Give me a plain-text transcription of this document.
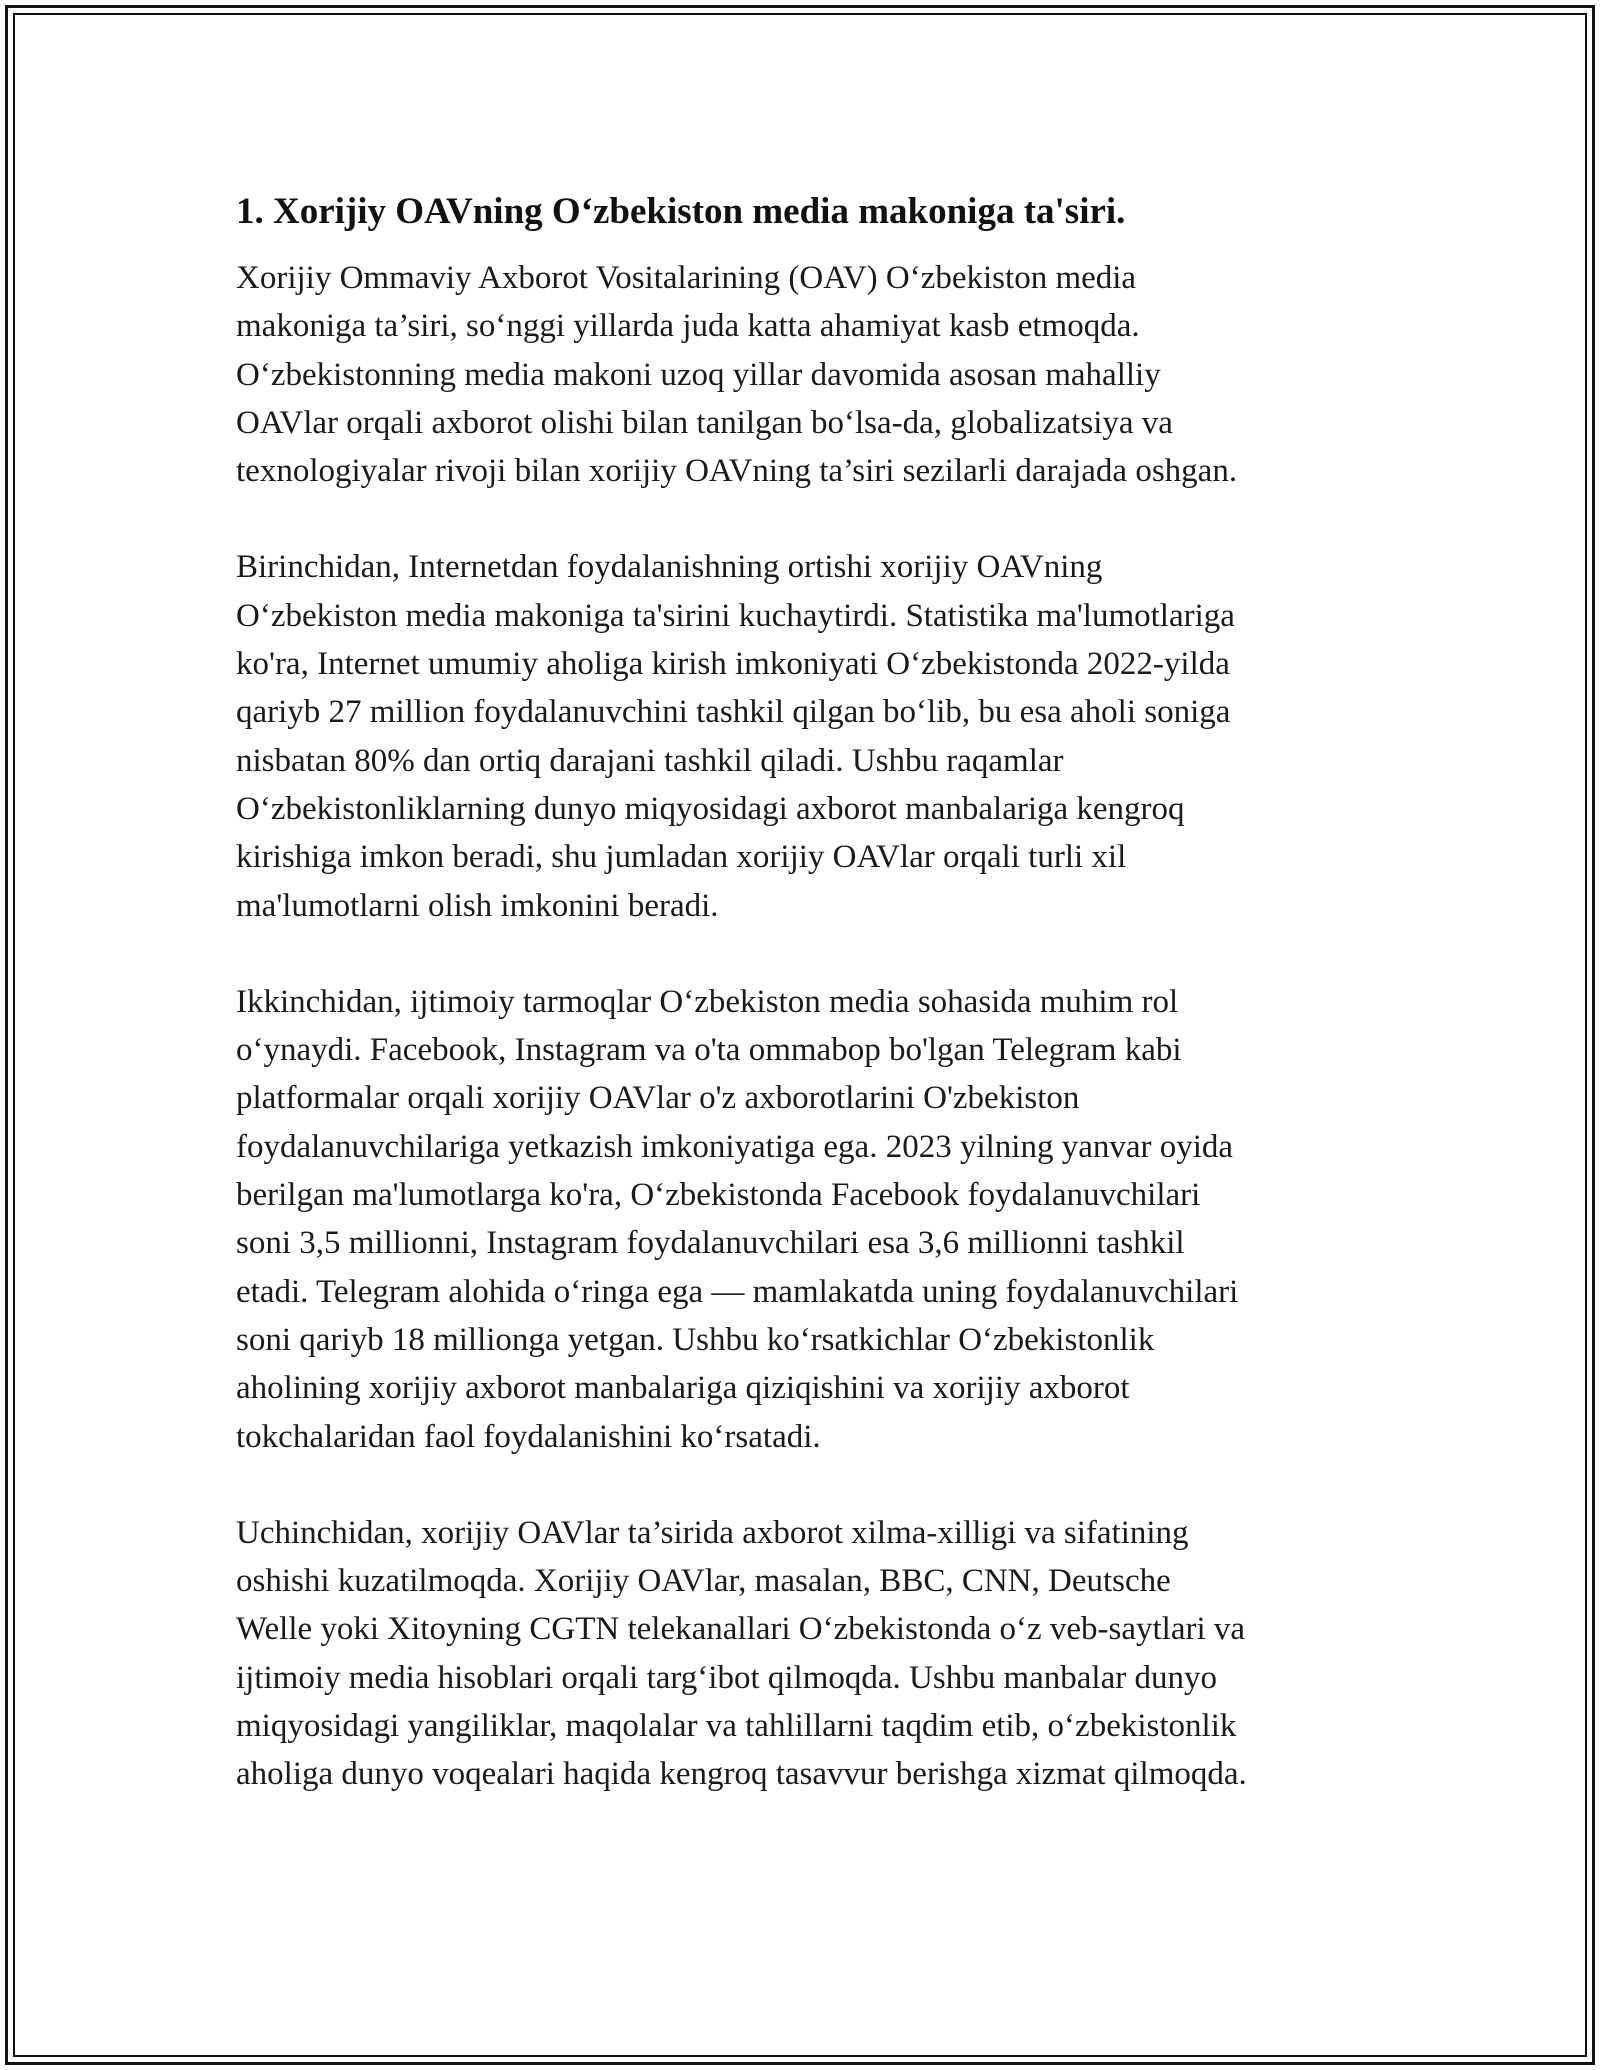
1. Xorijiy OAVning O‘zbekiston media makoniga ta'siri.

Xorijiy Ommaviy Axborot Vositalarining (OAV) O‘zbekiston media
makoniga ta’siri, so‘nggi yillarda juda katta ahamiyat kasb etmoqda.
O‘zbekistonning media makoni uzoq yillar davomida asosan mahalliy
OAVlar orqali axborot olishi bilan tanilgan bo‘lsa-da, globalizatsiya va
texnologiyalar rivoji bilan xorijiy OAVning ta’siri sezilarli darajada oshgan.

Birinchidan, Internetdan foydalanishning ortishi xorijiy OAVning
O‘zbekiston media makoniga ta'sirini kuchaytirdi. Statistika ma'lumotlariga
ko'ra, Internet umumiy aholiga kirish imkoniyati O‘zbekistonda 2022-yilda
qariyb 27 million foydalanuvchini tashkil qilgan bo‘lib, bu esa aholi soniga
nisbatan 80% dan ortiq darajani tashkil qiladi. Ushbu raqamlar
O‘zbekistonliklarning dunyo miqyosidagi axborot manbalariga kengroq
kirishiga imkon beradi, shu jumladan xorijiy OAVlar orqali turli xil
ma'lumotlarni olish imkonini beradi.

Ikkinchidan, ijtimoiy tarmoqlar O‘zbekiston media sohasida muhim rol
o‘ynaydi. Facebook, Instagram va o'ta ommabop bo'lgan Telegram kabi
platformalar orqali xorijiy OAVlar o'z axborotlarini O'zbekiston
foydalanuvchilariga yetkazish imkoniyatiga ega. 2023 yilning yanvar oyida
berilgan ma'lumotlarga ko'ra, O‘zbekistonda Facebook foydalanuvchilari
soni 3,5 millionni, Instagram foydalanuvchilari esa 3,6 millionni tashkil
etadi. Telegram alohida o‘ringa ega — mamlakatda uning foydalanuvchilari
soni qariyb 18 millionga yetgan. Ushbu ko‘rsatkichlar O‘zbekistonlik
aholining xorijiy axborot manbalariga qiziqishini va xorijiy axborot
tokchalaridan faol foydalanishini ko‘rsatadi.

Uchinchidan, xorijiy OAVlar ta’sirida axborot xilma-xilligi va sifatining
oshishi kuzatilmoqda. Xorijiy OAVlar, masalan, BBC, CNN, Deutsche
Welle yoki Xitoyning CGTN telekanallari O‘zbekistonda o‘z veb-saytlari va
ijtimoiy media hisoblari orqali targ‘ibot qilmoqda. Ushbu manbalar dunyo
miqyosidagi yangiliklar, maqolalar va tahlillarni taqdim etib, o‘zbekistonlik
aholiga dunyo voqealari haqida kengroq tasavvur berishga xizmat qilmoqda.
